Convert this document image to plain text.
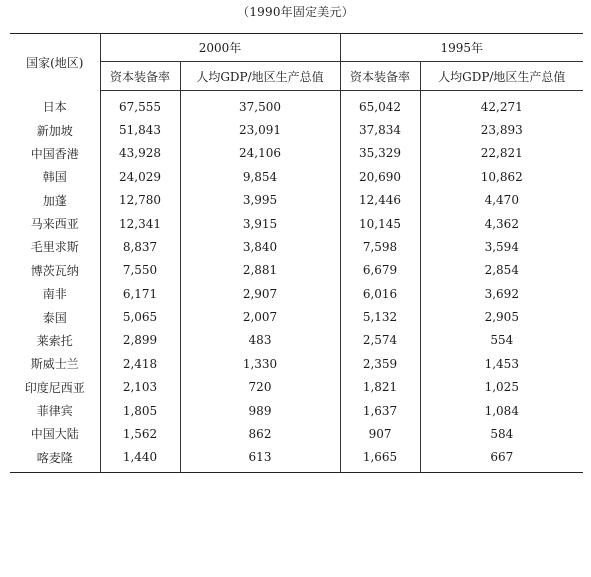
（1990年固定美元）
国家(地区)	2000年		1995年	
	资本装备率	人均GDP/地区生产总值	资本装备率	人均GDP/地区生产总值
日本	67,555	37,500	65,042	42,271
新加坡	51,843	23,091	37,834	23,893
中国香港	43,928	24,106	35,329	22,821
韩国	24,029	9,854	20,690	10,862
加蓬	12,780	3,995	12,446	4,470
马来西亚	12,341	3,915	10,145	4,362
毛里求斯	8,837	3,840	7,598	3,594
博茨瓦纳	7,550	2,881	6,679	2,854
南非	6,171	2,907	6,016	3,692
泰国	5,065	2,007	5,132	2,905
莱索托	2,899	483	2,574	554
斯威士兰	2,418	1,330	2,359	1,453
印度尼西亚	2,103	720	1,821	1,025
菲律宾	1,805	989	1,637	1,084
中国大陆	1,562	862	907	584
喀麦隆	1,440	613	1,665	667
